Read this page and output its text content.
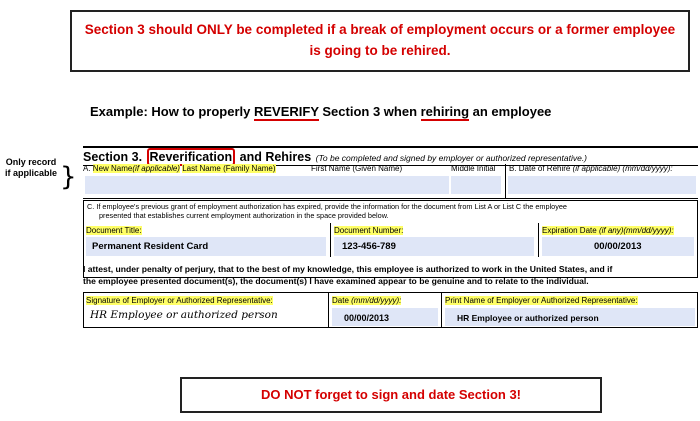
Section 3 should ONLY be completed if a break of employment occurs or a former employee
is going to be rehired.
Example: How to properly REVERIFY Section 3 when rehiring an employee
Only record if applicable }
Section 3. Reverification and Rehires (To be completed and signed by employer or authorized representative.)
A. New Name(if applicable) Last Name (Family Name)	First Name (Given Name)	Middle Initial	B. Date of Rehire (if applicable) (mm/dd/yyyy):
C. If employee's previous grant of employment authorization has expired, provide the information for the document from List A or List C the employee
presented that establishes current employment authorization in the space provided below.
Document Title:
Permanent Resident Card
Document Number:
123-456-789
Expiration Date (if any)(mm/dd/yyyy):
00/00/2013
I attest, under penalty of perjury, that to the best of my knowledge, this employee is authorized to work in the United States, and if
the employee presented document(s), the document(s) I have examined appear to be genuine and to relate to the individual.
Signature of Employer or Authorized Representative:
HR Employee or authorized person
Date (mm/dd/yyyy):
00/00/2013
Print Name of Employer or Authorized Representative:
HR Employee or authorized person
DO NOT forget to sign and date Section 3!
